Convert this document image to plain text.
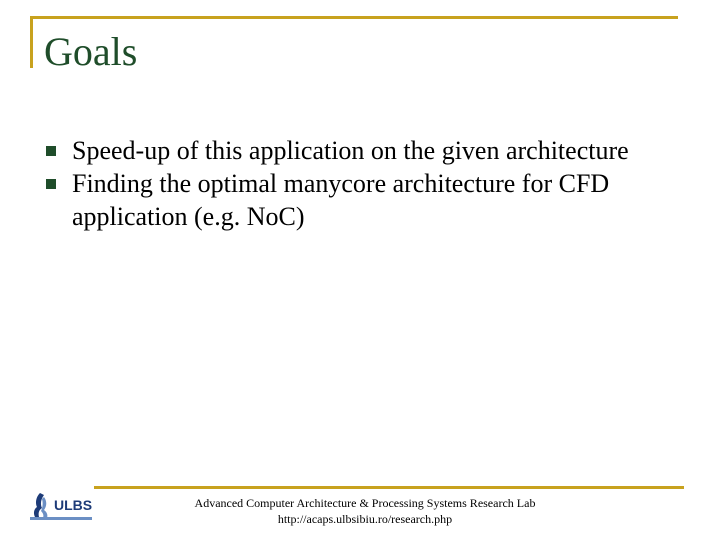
Goals
Speed-up of this application on the given architecture
Finding the optimal manycore architecture for CFD application (e.g. NoC)
ULBS	Advanced Computer Architecture & Processing Systems Research Lab
http://acaps.ulbsibiu.ro/research.php
